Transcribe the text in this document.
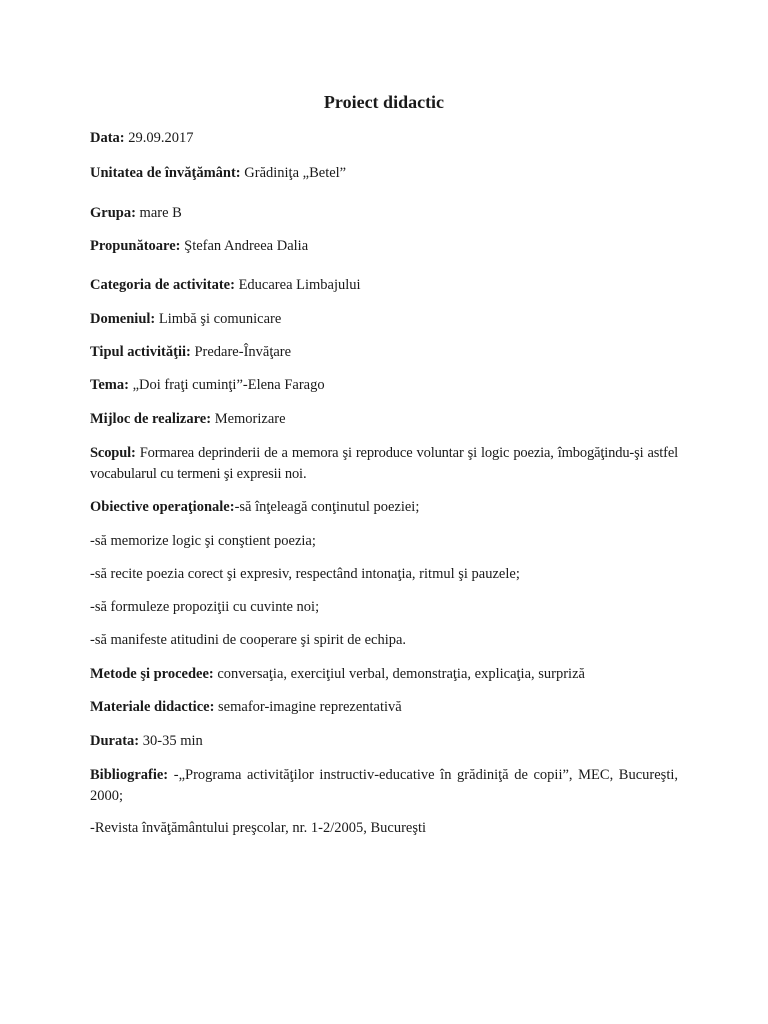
Proiect didactic
Data: 29.09.2017
Unitatea de învăţământ: Grădiniţa „Betel”
Grupa: mare B
Propunătoare: Ştefan Andreea Dalia
Categoria de activitate: Educarea Limbajului
Domeniul: Limbă şi comunicare
Tipul activităţii: Predare-Învăţare
Tema: „Doi fraţi cuminţi”-Elena Farago
Mijloc de realizare: Memorizare
Scopul: Formarea deprinderii de a memora şi reproduce voluntar şi logic poezia, îmbogăţindu-şi astfel vocabularul cu termeni şi expresii noi.
Obiective operaţionale:-să înţeleagă conţinutul poeziei;
-să memorize logic şi conştient poezia;
-să recite poezia corect şi expresiv, respectând intonaţia, ritmul şi pauzele;
-să formuleze propoziţii cu cuvinte noi;
-să manifeste atitudini de cooperare şi spirit de echipa.
Metode şi procedee: conversaţia, exerciţiul verbal, demonstraţia, explicaţia, surpriză
Materiale didactice: semafor-imagine reprezentativă
Durata: 30-35 min
Bibliografie: -„Programa activităţilor instructiv-educative în grădiniţă de copii”, MEC, Bucureşti, 2000;
-Revista învăţământului preşcolar, nr. 1-2/2005, Bucureşti
